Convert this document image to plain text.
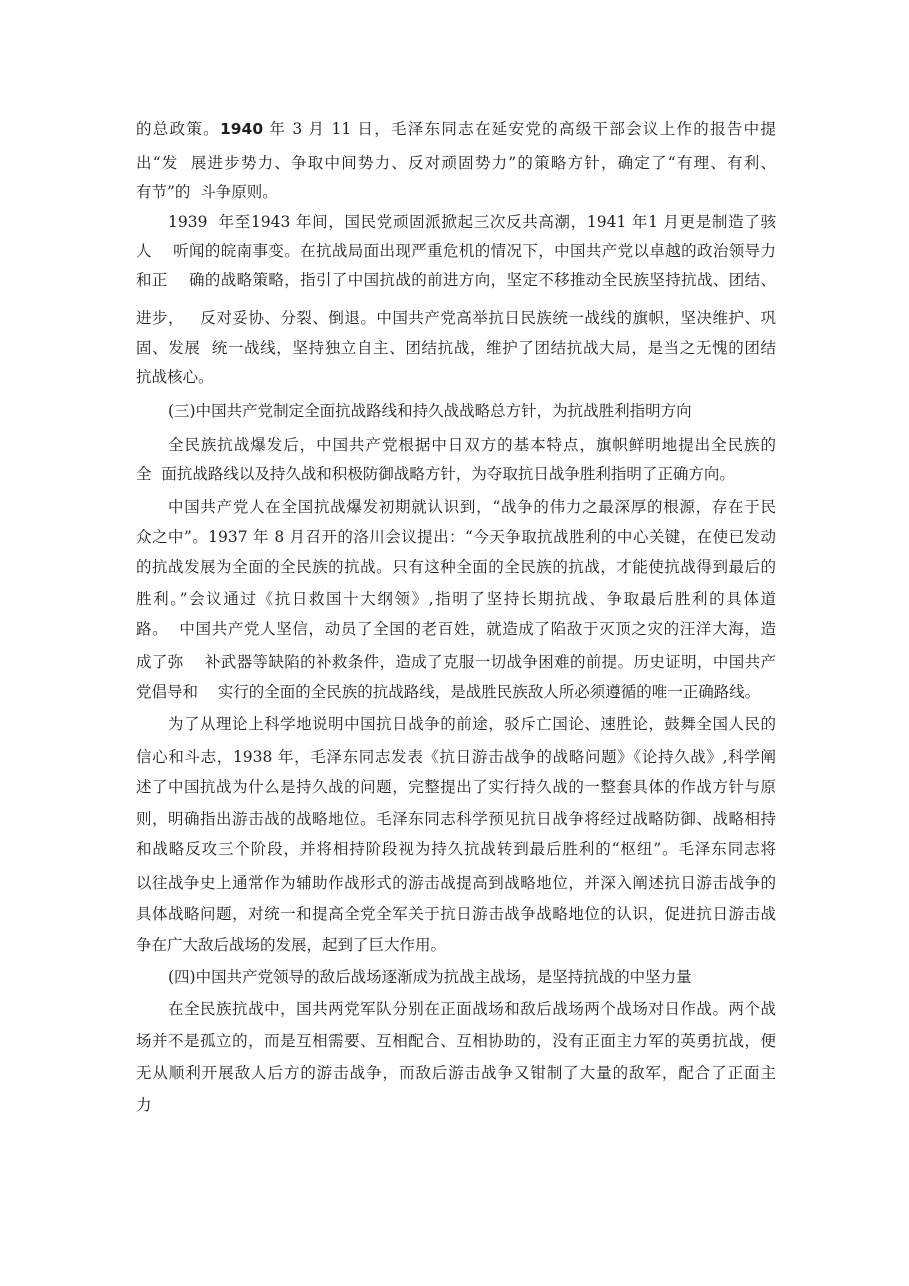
的总政策。1940 年 3 月 11 日，毛泽东同志在延安党的高级干部会议上作的报告中提

出“发  展进步势力、争取中间势力、反对顽固势力”的策略方针，确定了“有理、有利、

有节”的  斗争原则。

1939  年至1943 年间，国民党顽固派掀起三次反共高潮，1941 年1 月更是制造了骇

人    听闻的皖南事变。在抗战局面出现严重危机的情况下，中国共产党以卓越的政治领导力

和正    确的战略策略，指引了中国抗战的前进方向，坚定不移推动全民族坚持抗战、团结、

进步，   反对妥协、分裂、倒退。中国共产党高举抗日民族统一战线的旗帜，坚决维护、巩

固、发展  统一战线，坚持独立自主、团结抗战，维护了团结抗战大局，是当之无愧的团结

抗战核心。

(三)中国共产党制定全面抗战路线和持久战战略总方针，为抗战胜利指明方向

全民族抗战爆发后，中国共产党根据中日双方的基本特点，旗帜鲜明地提出全民族的

全  面抗战路线以及持久战和积极防御战略方针，为夺取抗日战争胜利指明了正确方向。

中国共产党人在全国抗战爆发初期就认识到，“战争的伟力之最深厚的根源，存在于民

众之中”。1937 年 8 月召开的洛川会议提出：“今天争取抗战胜利的中心关键，在使已发动

的抗战发展为全面的全民族的抗战。只有这种全面的全民族的抗战，才能使抗战得到最后的

胜利。”会议通过《抗日救国十大纲领》,指明了坚持长期抗战、争取最后胜利的具体道

路。  中国共产党人坚信，动员了全国的老百姓，就造成了陷敌于灭顶之灾的汪洋大海，造

成了弥    补武器等缺陷的补救条件，造成了克服一切战争困难的前提。历史证明，中国共产

党倡导和    实行的全面的全民族的抗战路线，是战胜民族敌人所必须遵循的唯一正确路线。

为了从理论上科学地说明中国抗日战争的前途，驳斥亡国论、速胜论，鼓舞全国人民的

信心和斗志，1938 年，毛泽东同志发表《抗日游击战争的战略问题》《论持久战》,科学阐

述了中国抗战为什么是持久战的问题，完整提出了实行持久战的一整套具体的作战方针与原

则，明确指出游击战的战略地位。毛泽东同志科学预见抗日战争将经过战略防御、战略相持

和战略反攻三个阶段，并将相持阶段视为持久抗战转到最后胜利的“枢纽”。毛泽东同志将

以往战争史上通常作为辅助作战形式的游击战提高到战略地位，并深入阐述抗日游击战争的

具体战略问题，对统一和提高全党全军关于抗日游击战争战略地位的认识，促进抗日游击战

争在广大敌后战场的发展，起到了巨大作用。

(四)中国共产党领导的敌后战场逐渐成为抗战主战场，是坚持抗战的中坚力量

在全民族抗战中，国共两党军队分别在正面战场和敌后战场两个战场对日作战。两个战

场并不是孤立的，而是互相需要、互相配合、互相协助的，没有正面主力军的英勇抗战，便

无从顺利开展敌人后方的游击战争，而敌后游击战争又钳制了大量的敌军，配合了正面主

力
